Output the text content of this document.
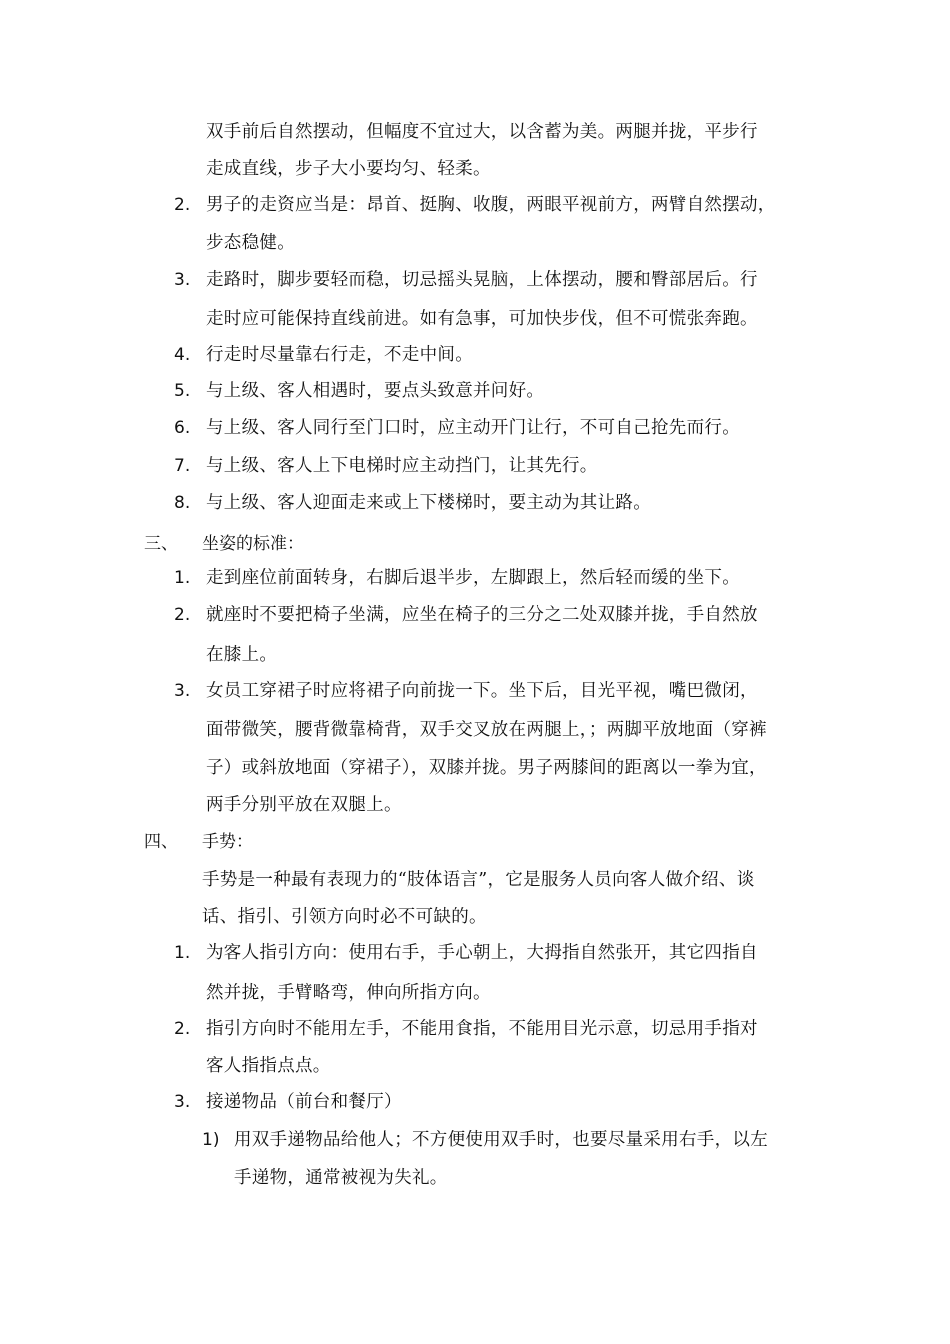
双手前后自然摆动，但幅度不宜过大，以含蓄为美。两腿并拢，平步行
走成直线，步子大小要均匀、轻柔。
2. 男子的走资应当是：昂首、挺胸、收腹，两眼平视前方，两臂自然摆动，
步态稳健。
3. 走路时，脚步要轻而稳，切忌摇头晃脑，上体摆动，腰和臀部居后。行
走时应可能保持直线前进。如有急事，可加快步伐，但不可慌张奔跑。
4. 行走时尽量靠右行走，不走中间。
5. 与上级、客人相遇时，要点头致意并问好。
6. 与上级、客人同行至门口时，应主动开门让行，不可自己抢先而行。
7. 与上级、客人上下电梯时应主动挡门，让其先行。
8. 与上级、客人迎面走来或上下楼梯时，要主动为其让路。
三、 坐姿的标准：
1. 走到座位前面转身，右脚后退半步，左脚跟上，然后轻而缓的坐下。
2. 就座时不要把椅子坐满，应坐在椅子的三分之二处双膝并拢，手自然放
在膝上。
3. 女员工穿裙子时应将裙子向前拢一下。坐下后，目光平视，嘴巴微闭，
面带微笑，腰背微靠椅背，双手交叉放在两腿上，；两脚平放地面（穿裤
子）或斜放地面（穿裙子），双膝并拢。男子两膝间的距离以一拳为宜，
两手分别平放在双腿上。
四、 手势：
手势是一种最有表现力的“肢体语言”，它是服务人员向客人做介绍、谈
话、指引、引领方向时必不可缺的。
1. 为客人指引方向：使用右手，手心朝上，大拇指自然张开，其它四指自
然并拢，手臂略弯，伸向所指方向。
2. 指引方向时不能用左手，不能用食指，不能用目光示意，切忌用手指对
客人指指点点。
3. 接递物品（前台和餐厅）
1) 用双手递物品给他人；不方便使用双手时，也要尽量采用右手，以左
手递物，通常被视为失礼。
